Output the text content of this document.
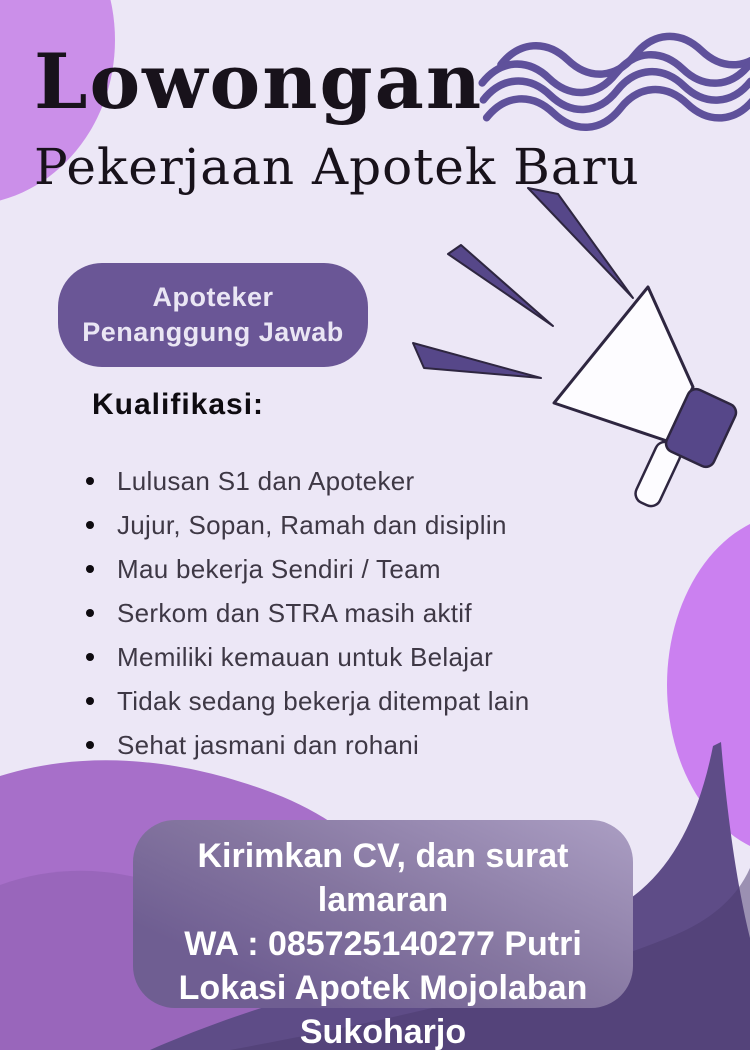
Lowongan
Pekerjaan Apotek Baru
Apoteker
Penanggung Jawab
Kualifikasi:
Lulusan S1 dan Apoteker
Jujur, Sopan, Ramah dan disiplin
Mau bekerja Sendiri / Team
Serkom dan STRA masih aktif
Memiliki kemauan untuk Belajar
Tidak sedang bekerja ditempat lain
Sehat jasmani dan rohani
Kirimkan CV, dan surat lamaran
WA : 085725140277 Putri
Lokasi Apotek Mojolaban
Sukoharjo
